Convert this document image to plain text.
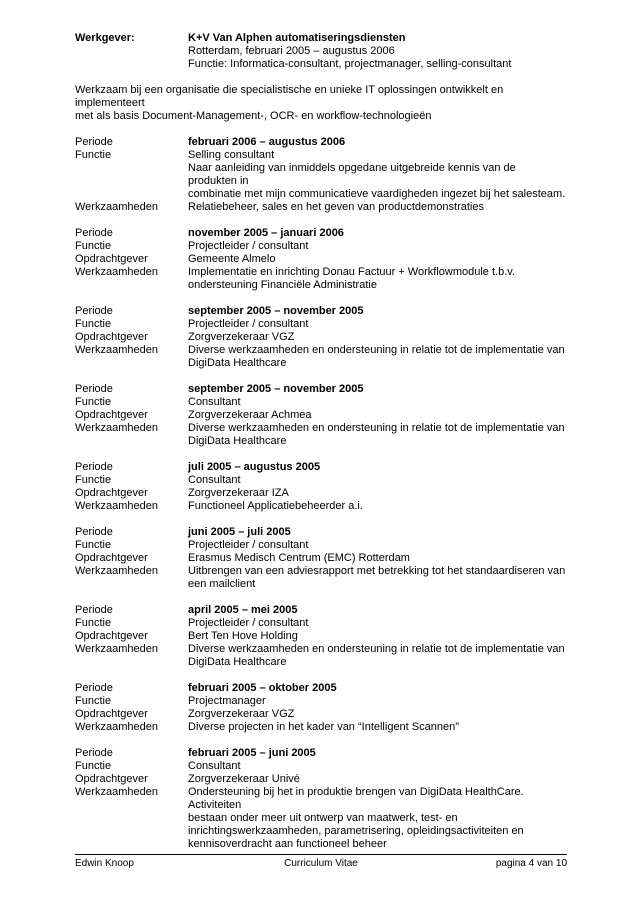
Werkgever:	K+V Van Alphen automatiseringsdiensten
Rotterdam, februari 2005 – augustus 2006
Functie: Informatica-consultant, projectmanager, selling-consultant
Werkzaam bij een organisatie die specialistische en unieke IT oplossingen ontwikkelt en implementeert
met als basis Document-Management-, OCR- en workflow-technologieën
Periode	februari 2006 – augustus 2006
Functie	Selling consultant
Naar aanleiding van inmiddels opgedane uitgebreide kennis van de produkten in
combinatie met mijn communicatieve vaardigheden ingezet bij het salesteam.
Werkzaamheden	Relatiebeheer, sales en het geven van productdemonstraties
Periode	november 2005 – januari 2006
Functie	Projectleider / consultant
Opdrachtgever	Gemeente Almelo
Werkzaamheden	Implementatie en inrichting Donau Factuur + Workflowmodule t.b.v.
ondersteuning Financiële Administratie
Periode	september 2005 – november 2005
Functie	Projectleider / consultant
Opdrachtgever	Zorgverzekeraar VGZ
Werkzaamheden	Diverse werkzaamheden en ondersteuning in relatie tot de implementatie van
DigiData Healthcare
Periode	september 2005 – november 2005
Functie	Consultant
Opdrachtgever	Zorgverzekeraar Achmea
Werkzaamheden	Diverse werkzaamheden en ondersteuning in relatie tot de implementatie van
DigiData Healthcare
Periode	juli 2005 – augustus 2005
Functie	Consultant
Opdrachtgever	Zorgverzekeraar IZA
Werkzaamheden	Functioneel Applicatiebeheerder a.i.
Periode	juni 2005 – juli 2005
Functie	Projectleider / consultant
Opdrachtgever	Erasmus Medisch Centrum (EMC) Rotterdam
Werkzaamheden	Uitbrengen van een adviesrapport met betrekking tot het standaardiseren van
een mailclient
Periode	april 2005 – mei 2005
Functie	Projectleider / consultant
Opdrachtgever	Bert Ten Hove Holding
Werkzaamheden	Diverse werkzaamheden en ondersteuning in relatie tot de implementatie van
DigiData Healthcare
Periode	februari 2005 – oktober 2005
Functie	Projectmanager
Opdrachtgever	Zorgverzekeraar VGZ
Werkzaamheden	Diverse projecten in het kader van “Intelligent Scannen”
Periode	februari 2005 – juni 2005
Functie	Consultant
Opdrachtgever	Zorgverzekeraar Univé
Werkzaamheden	Ondersteuning bij het in produktie brengen van DigiData HealthCare. Activiteiten
bestaan onder meer uit ontwerp van maatwerk, test- en
inrichtingswerkzaamheden, parametrisering, opleidingsactiviteiten en
kennisoverdracht aan functioneel beheer
Edwin Knoop	Curriculum Vitae	pagina 4 van 10
